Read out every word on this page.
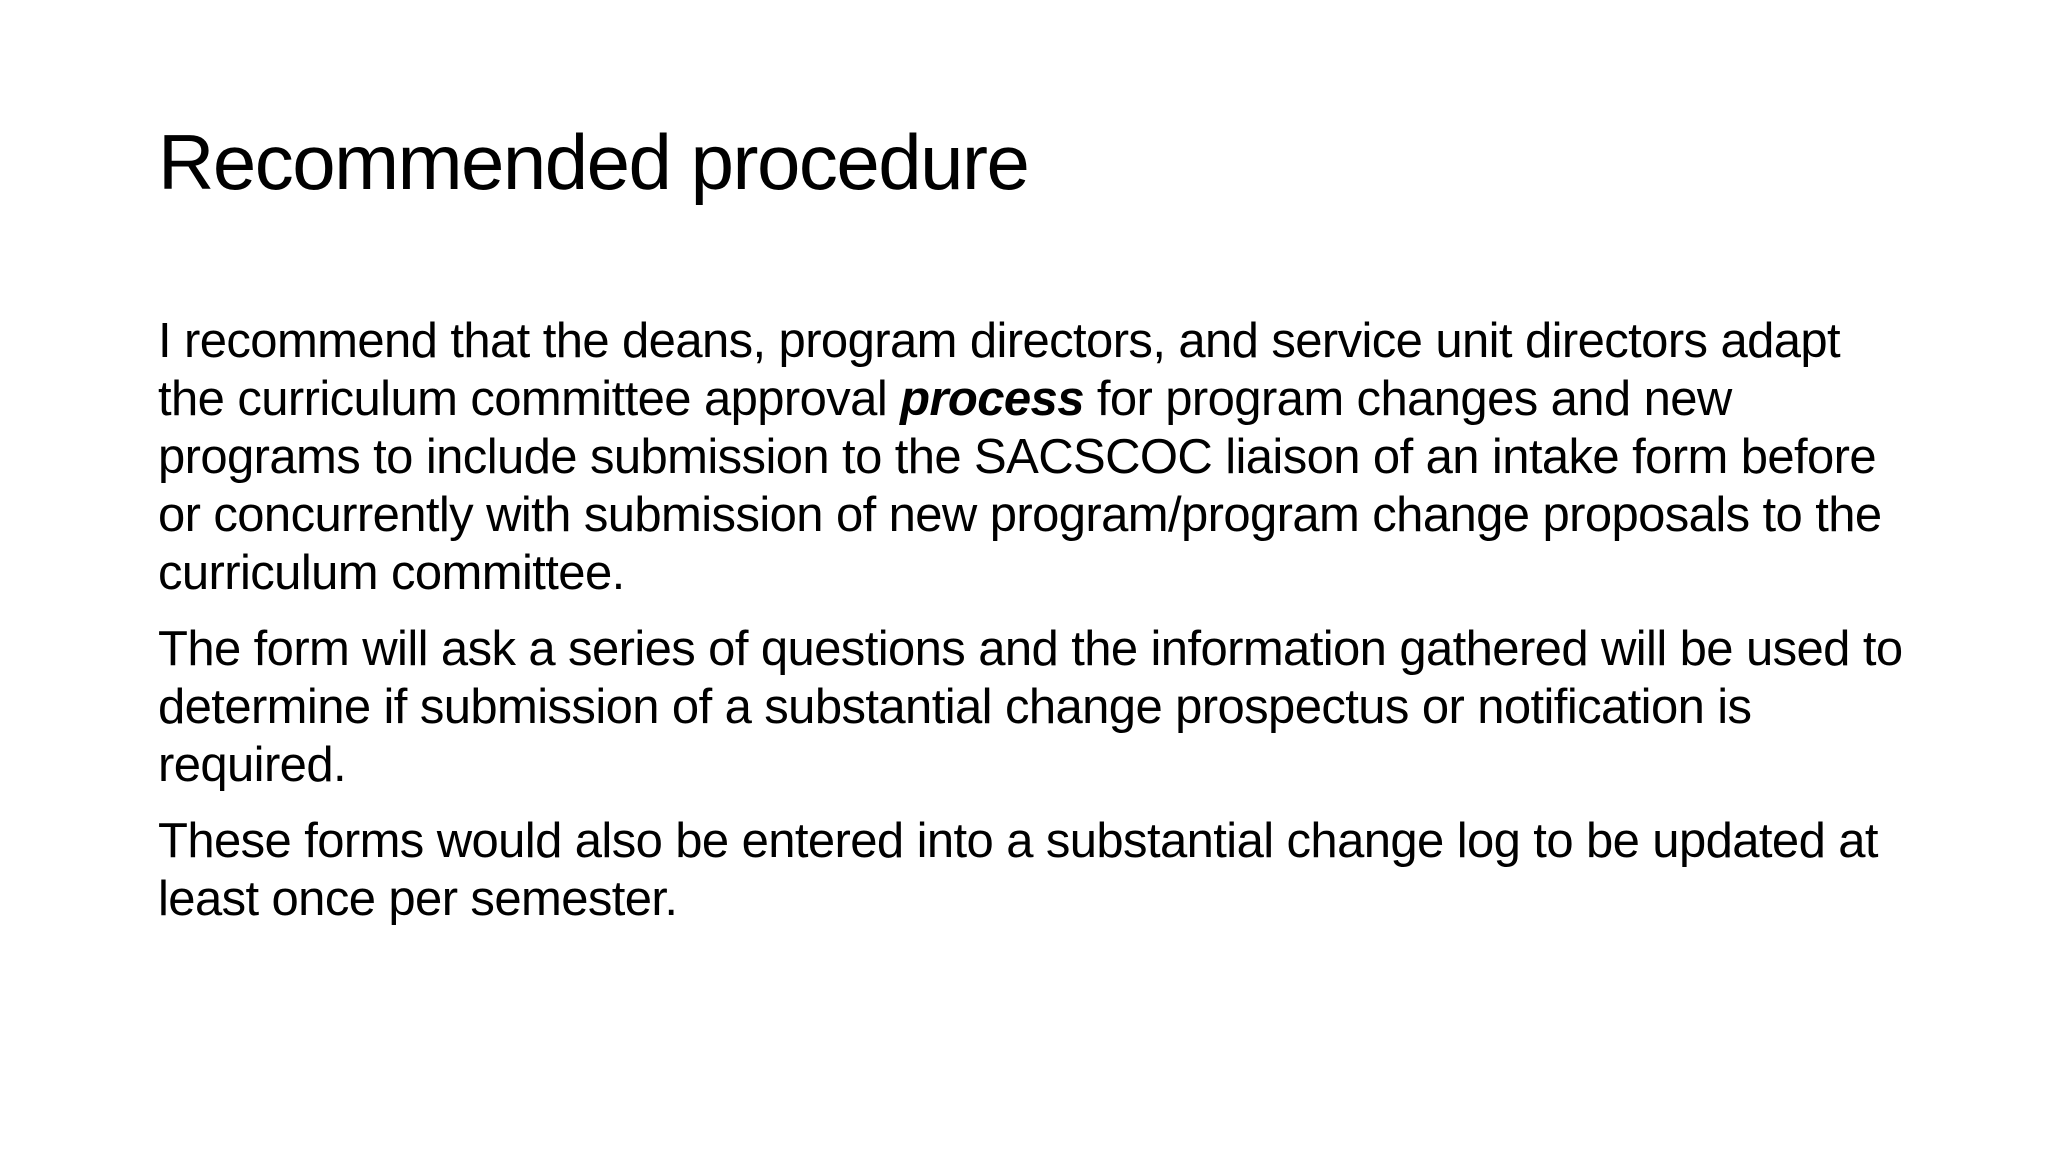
Recommended procedure

I recommend that the deans, program directors, and service unit directors adapt the curriculum committee approval process for program changes and new programs to include submission to the SACSCOC liaison of an intake form before or concurrently with submission of new program/program change proposals to the curriculum committee.

The form will ask a series of questions and the information gathered will be used to determine if submission of a substantial change prospectus or notification is required.

These forms would also be entered into a substantial change log to be updated at least once per semester.
